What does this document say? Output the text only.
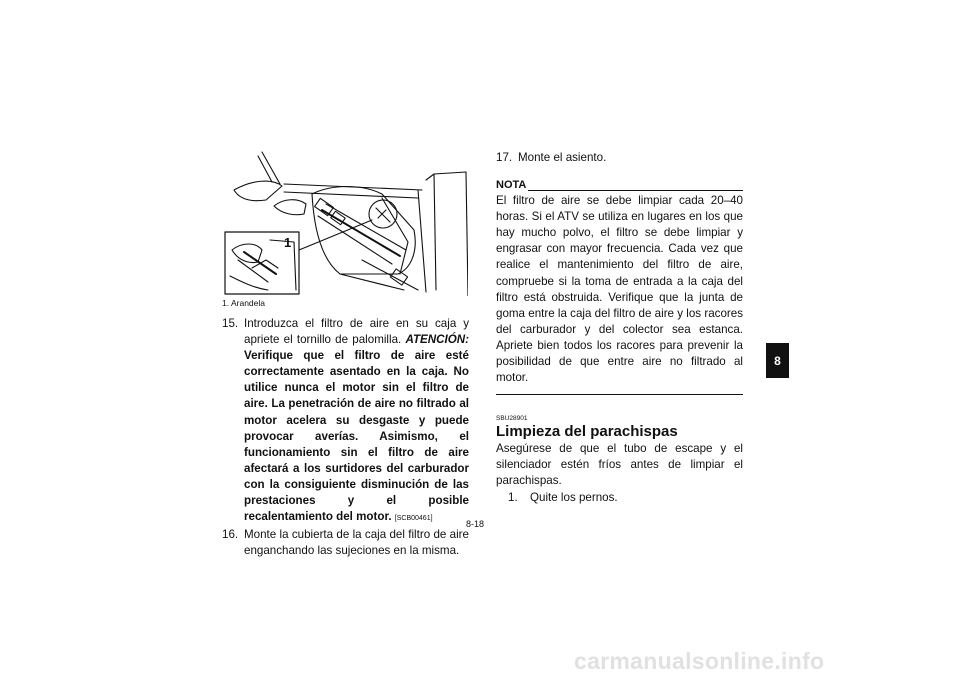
1
1. Arandela
15. Introduzca el filtro de aire en su caja y apriete el tornillo de palomilla. ATENCIÓN: Verifique que el filtro de aire esté correctamente asentado en la caja. No utilice nunca el motor sin el filtro de aire. La penetración de aire no filtrado al motor acelera su desgaste y puede provocar averías. Asimismo, el funcionamiento sin el filtro de aire afectará a los surtidores del carburador con la consiguiente disminución de las prestaciones y el posible recalentamiento del motor. [SCB00461]
16. Monte la cubierta de la caja del filtro de aire enganchando las sujeciones en la misma.
17. Monte el asiento.
NOTA
El filtro de aire se debe limpiar cada 20–40 horas. Si el ATV se utiliza en lugares en los que hay mucho polvo, el filtro se debe limpiar y engrasar con mayor frecuencia. Cada vez que realice el mantenimiento del filtro de aire, compruebe si la toma de entrada a la caja del filtro está obstruida. Verifique que la junta de goma entre la caja del filtro de aire y los racores del carburador y del colector sea estanca. Apriete bien todos los racores para prevenir la posibilidad de que entre aire no filtrado al motor.
SBU28901
Limpieza del parachispas
Asegúrese de que el tubo de escape y el silenciador estén fríos antes de limpiar el parachispas.
1. Quite los pernos.
8
8-18
carmanualsonline.info
